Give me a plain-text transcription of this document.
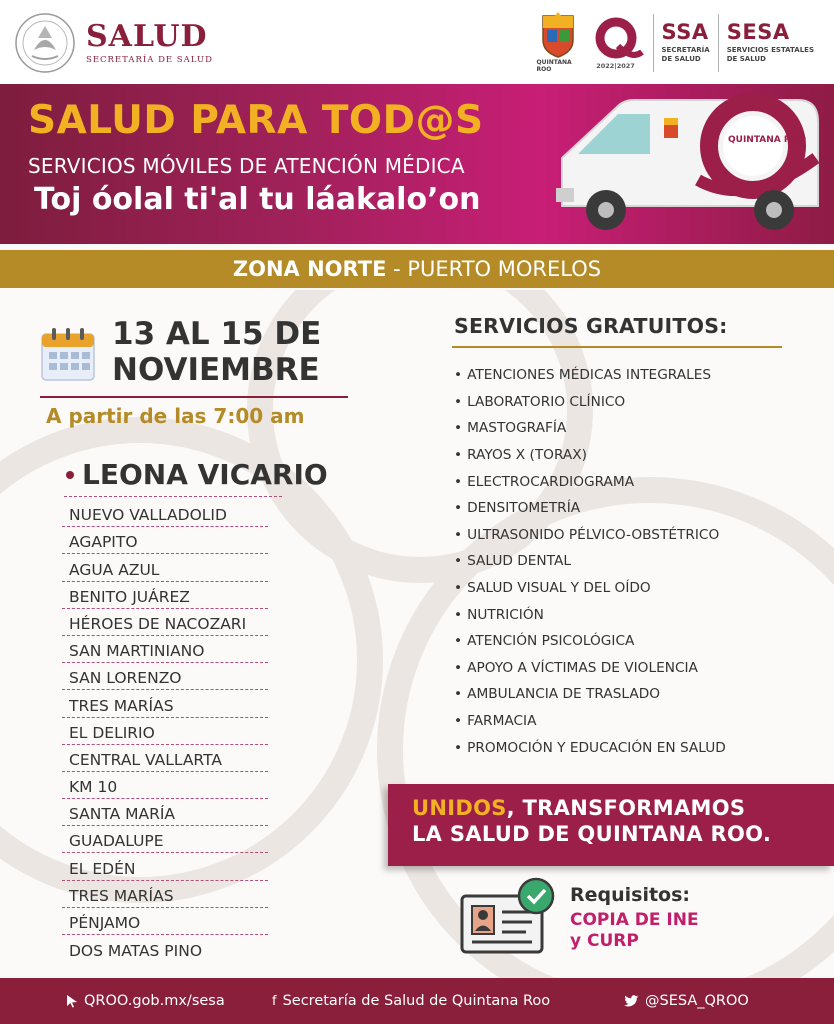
SALUD
SECRETARÍA DE SALUD	QUINTANA ROO	2022|2027
SSA
SECRETARÍA
DE SALUD
SESA
SERVICIOS ESTATALES
DE SALUD
SALUD PARA TOD@S
SERVICIOS MÓVILES DE ATENCIÓN MÉDICA
Toj óolal ti'al tu láakalo’on
QUINTANA ROO
ZONA NORTE - PUERTO MORELOS
13 AL 15 DE
NOVIEMBRE
A partir de las 7:00 am
LEONA VICARIO
NUEVO VALLADOLID
AGAPITO
AGUA AZUL
BENITO JUÁREZ
HÉROES DE NACOZARI
SAN MARTINIANO
SAN LORENZO
TRES MARÍAS
EL DELIRIO
CENTRAL VALLARTA
KM 10
SANTA MARÍA
GUADALUPE
EL EDÉN
TRES MARÍAS
PÉNJAMO
DOS MATAS PINO
SERVICIOS GRATUITOS:
• ATENCIONES MÉDICAS INTEGRALES
• LABORATORIO CLÍNICO
• MASTOGRAFÍA
• RAYOS X (TORAX)
• ELECTROCARDIOGRAMA
• DENSITOMETRÍA
• ULTRASONIDO PÉLVICO-OBSTÉTRICO
• SALUD DENTAL
• SALUD VISUAL Y DEL OÍDO
• NUTRICIÓN
• ATENCIÓN PSICOLÓGICA
• APOYO A VÍCTIMAS DE VIOLENCIA
• AMBULANCIA DE TRASLADO
• FARMACIA
• PROMOCIÓN Y EDUCACIÓN EN SALUD
UNIDOS, TRANSFORMAMOS
LA SALUD DE QUINTANA ROO.
Requisitos:
COPIA DE INE
y CURP
QROO.gob.mx/sesa	f Secretaría de Salud de Quintana Roo	@SESA_QROO
